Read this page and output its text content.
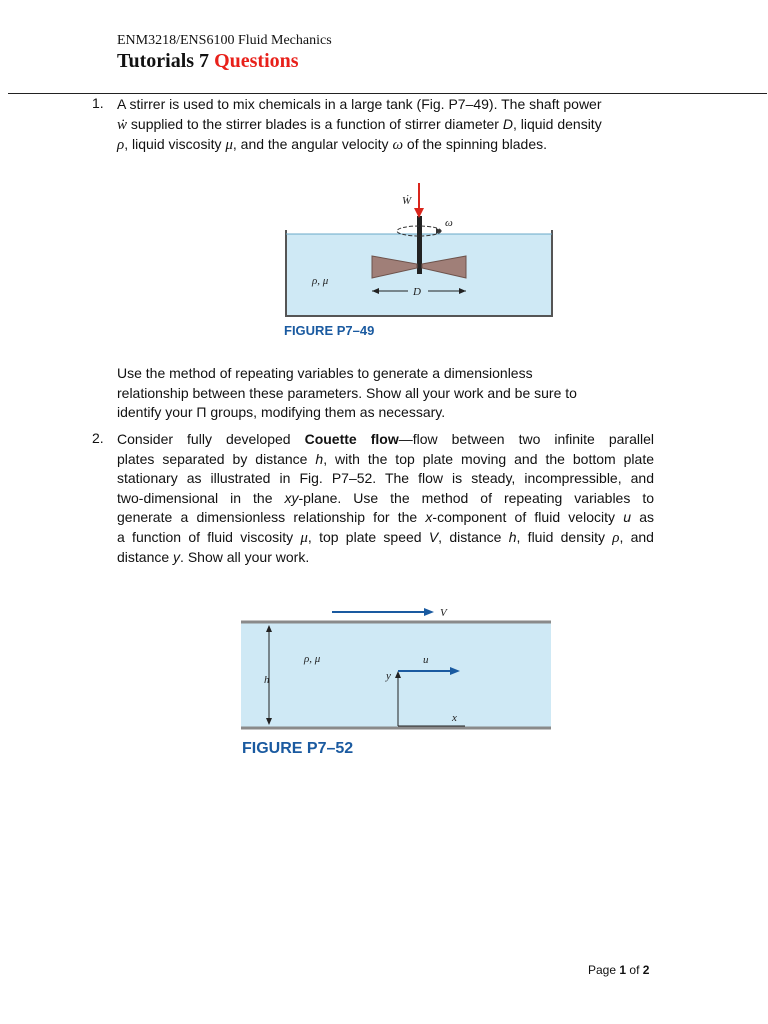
ENM3218/ENS6100 Fluid Mechanics
Tutorials 7 Questions
1. A stirrer is used to mix chemicals in a large tank (Fig. P7–49). The shaft power
ẇ supplied to the stirrer blades is a function of stirrer diameter D, liquid density
ρ, liquid viscosity μ, and the angular velocity ω of the spinning blades.
Ẇ
ω
ρ, μ
D
FIGURE P7–49
Use the method of repeating variables to generate a dimensionless
relationship between these parameters. Show all your work and be sure to
identify your Π groups, modifying them as necessary.
2. Consider fully developed Couette flow—flow between two infinite parallel
plates separated by distance h, with the top plate moving and the bottom plate
stationary as illustrated in Fig. P7–52. The flow is steady, incompressible, and
two-dimensional in the xy-plane. Use the method of repeating variables to
generate a dimensionless relationship for the x-component of fluid velocity u as
a function of fluid viscosity μ, top plate speed V, distance h, fluid density ρ, and
distance y. Show all your work.
V
h
ρ, μ
y
x
u
FIGURE P7–52
Page 1 of 2
